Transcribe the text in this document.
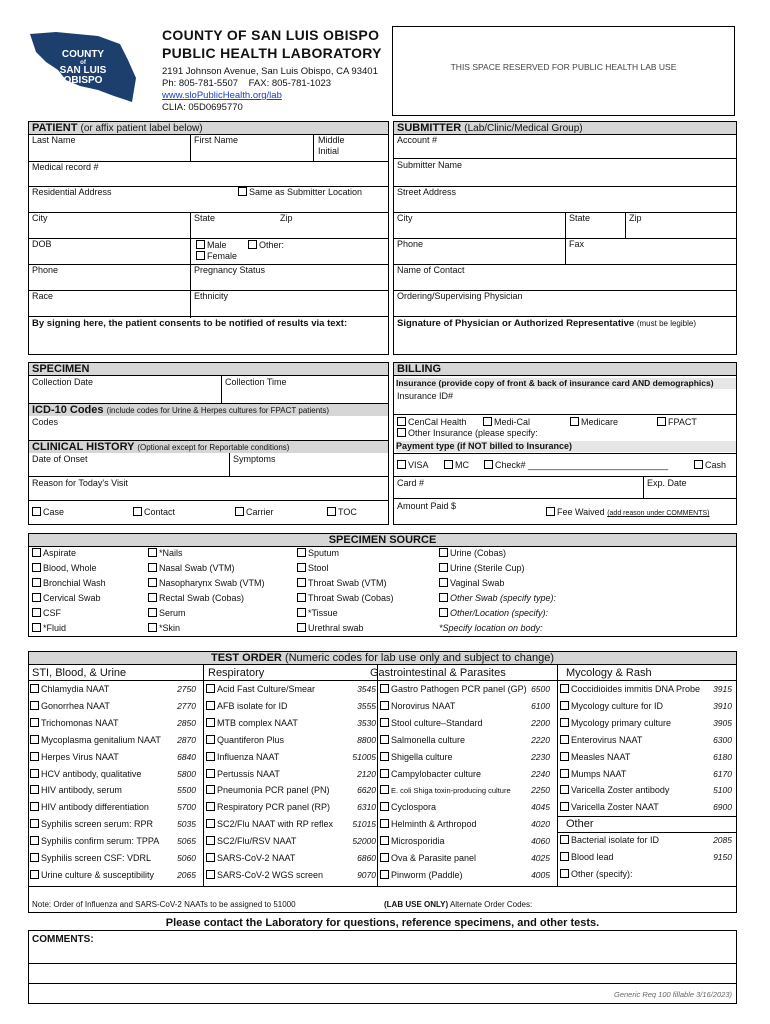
COUNTY
of
SAN LUIS
OBISPO
COUNTY OF SAN LUIS OBISPO
PUBLIC HEALTH LABORATORY
2191 Johnson Avenue, San Luis Obispo, CA 93401
Ph: 805-781-5507    FAX: 805-781-1023
www.sloPublicHealth.org/lab
CLIA: 05D0695770
THIS SPACE RESERVED FOR PUBLIC HEALTH LAB USE
PATIENT (or affix patient label below)
Last Name	First Name	Middle
Initial
Medical record #
Residential Address	Same as Submitter Location
City	State	Zip
DOB	Male
Female
Other:
Phone	Pregnancy Status
Race	Ethnicity
By signing here, the patient consents to be notified of results via text:
SUBMITTER (Lab/Clinic/Medical Group)
Account #
Submitter Name
Street Address
City	State	Zip
Phone	Fax
Name of Contact
Ordering/Supervising Physician
Signature of Physician or Authorized Representative (must be legible)
SPECIMEN
Collection Date	Collection Time
ICD-10 Codes (include codes for Urine & Herpes cultures for FPACT patients)
Codes
CLINICAL HISTORY (Optional except for Reportable conditions)
Date of Onset	Symptoms
Reason for Today's Visit
Case	Contact	Carrier	TOC
BILLING
Insurance (provide copy of front & back of insurance card AND demographics)
Insurance ID#
CenCal Health	Medi-Cal	Medicare	FPACT
Other Insurance (please specify:
Payment type (if NOT billed to Insurance)
VISA	MC	Check# ____________________________	Cash
Card #	Exp. Date
Amount Paid $
Fee Waived (add reason under COMMENTS)
SPECIMEN SOURCE
Aspirate
Blood, Whole
Bronchial Wash
Cervical Swab
CSF
*Fluid
*Nails
Nasal Swab (VTM)
Nasopharynx Swab (VTM)
Rectal Swab (Cobas)
Serum
*Skin
Sputum
Stool
Throat Swab (VTM)
Throat Swab (Cobas)
*Tissue
Urethral swab
Urine (Cobas)
Urine (Sterile Cup)
Vaginal Swab
Other Swab (specify type):
Other/Location (specify):
*Specify location on body:
TEST ORDER (Numeric codes for lab use only and subject to change)
STI, Blood, & Urine	Respiratory	Gastrointestinal & Parasites	Mycology & Rash
Chlamydia NAAT	2750
Gonorrhea NAAT	2770
Trichomonas NAAT	2850
Mycoplasma genitalium NAAT	2870
Herpes Virus NAAT	6840
HCV antibody, qualitative	5800
HIV antibody, serum	5500
HIV antibody differentiation	5700
Syphilis screen serum: RPR	5035
Syphilis confirm serum: TPPA	5065
Syphilis screen CSF: VDRL	5060
Urine culture & susceptibility	2065
Acid Fast Culture/Smear	3545
AFB isolate for ID	3555
MTB complex NAAT	3530
Quantiferon Plus	8800
Influenza NAAT	51005
Pertussis NAAT	2120
Pneumonia PCR panel (PN)	6620
Respiratory PCR panel (RP)	6310
SC2/Flu NAAT with RP reflex 51015
SC2/Flu/RSV NAAT	52000
SARS-CoV-2 NAAT	6860
SARS-CoV-2 WGS screen	9070
Gastro Pathogen PCR panel (GP) 6500
Norovirus NAAT	6100
Stool culture–Standard	2200
Salmonella culture	2220
Shigella culture	2230
Campylobacter culture	2240
E. coli Shiga toxin-producing culture	2250
Cyclospora	4045
Helminth & Arthropod	4020
Microsporidia	4060
Ova & Parasite panel	4025
Pinworm (Paddle)	4005
Coccidioides immitis DNA Probe	3915
Mycology culture for ID	3910
Mycology primary culture	3905
Enterovirus NAAT	6300
Measles NAAT	6180
Mumps NAAT	6170
Varicella Zoster antibody	5100
Varicella Zoster NAAT	6900
Other
Bacterial isolate for ID	2085
Blood lead	9150
Other (specify):
Note: Order of Influenza and SARS-CoV-2 NAATs to be assigned to 51000	(LAB USE ONLY) Alternate Order Codes:
Please contact the Laboratory for questions, reference specimens, and other tests.
COMMENTS:
Generic Req 100 fillable 3/16/2023)
